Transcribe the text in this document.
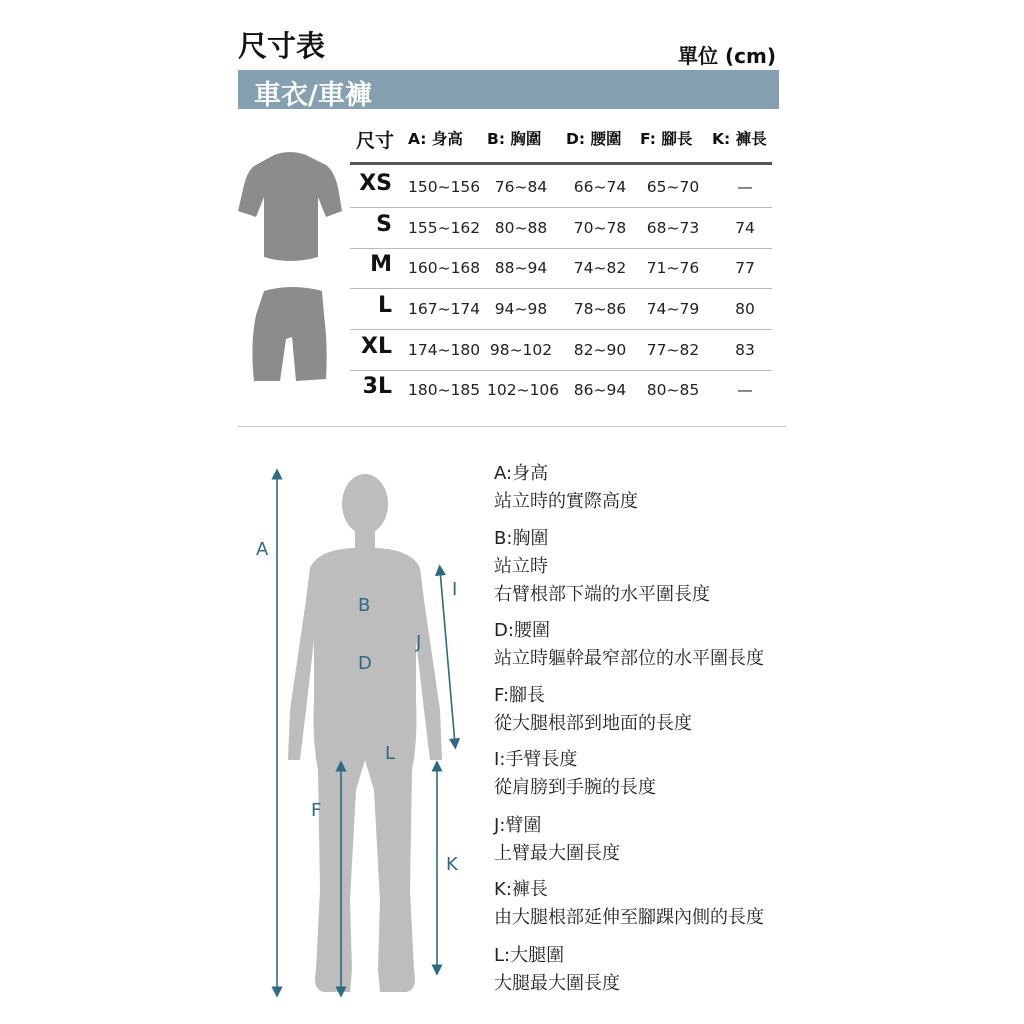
尺寸表	單位 (cm)
車衣/車褲
尺寸 A: 身高 B: 胸圍 D: 腰圍 F: 腳長 K: 褲長
XS 150~156 76~84	66~74	65~70	—
S 155~162 80~88	70~78	68~73	74
M 160~168 88~94	74~82	71~76	77
L 167~174 94~98	78~86	74~79	80
XL 174~180 98~102	82~90	77~82	83
3L 180~185 102~106 86~94	80~85	—
A
B
D
I
J
L
F
K
A:身高
站立時的實際高度
B:胸圍
站立時
右臂根部下端的水平圍長度
D:腰圍
站立時軀幹最窄部位的水平圍長度
F:腳長
從大腿根部到地面的長度
I:手臂長度
從肩膀到手腕的長度
J:臂圍
上臂最大圍長度
K:褲長
由大腿根部延伸至腳踝內側的長度
L:大腿圍
大腿最大圍長度
